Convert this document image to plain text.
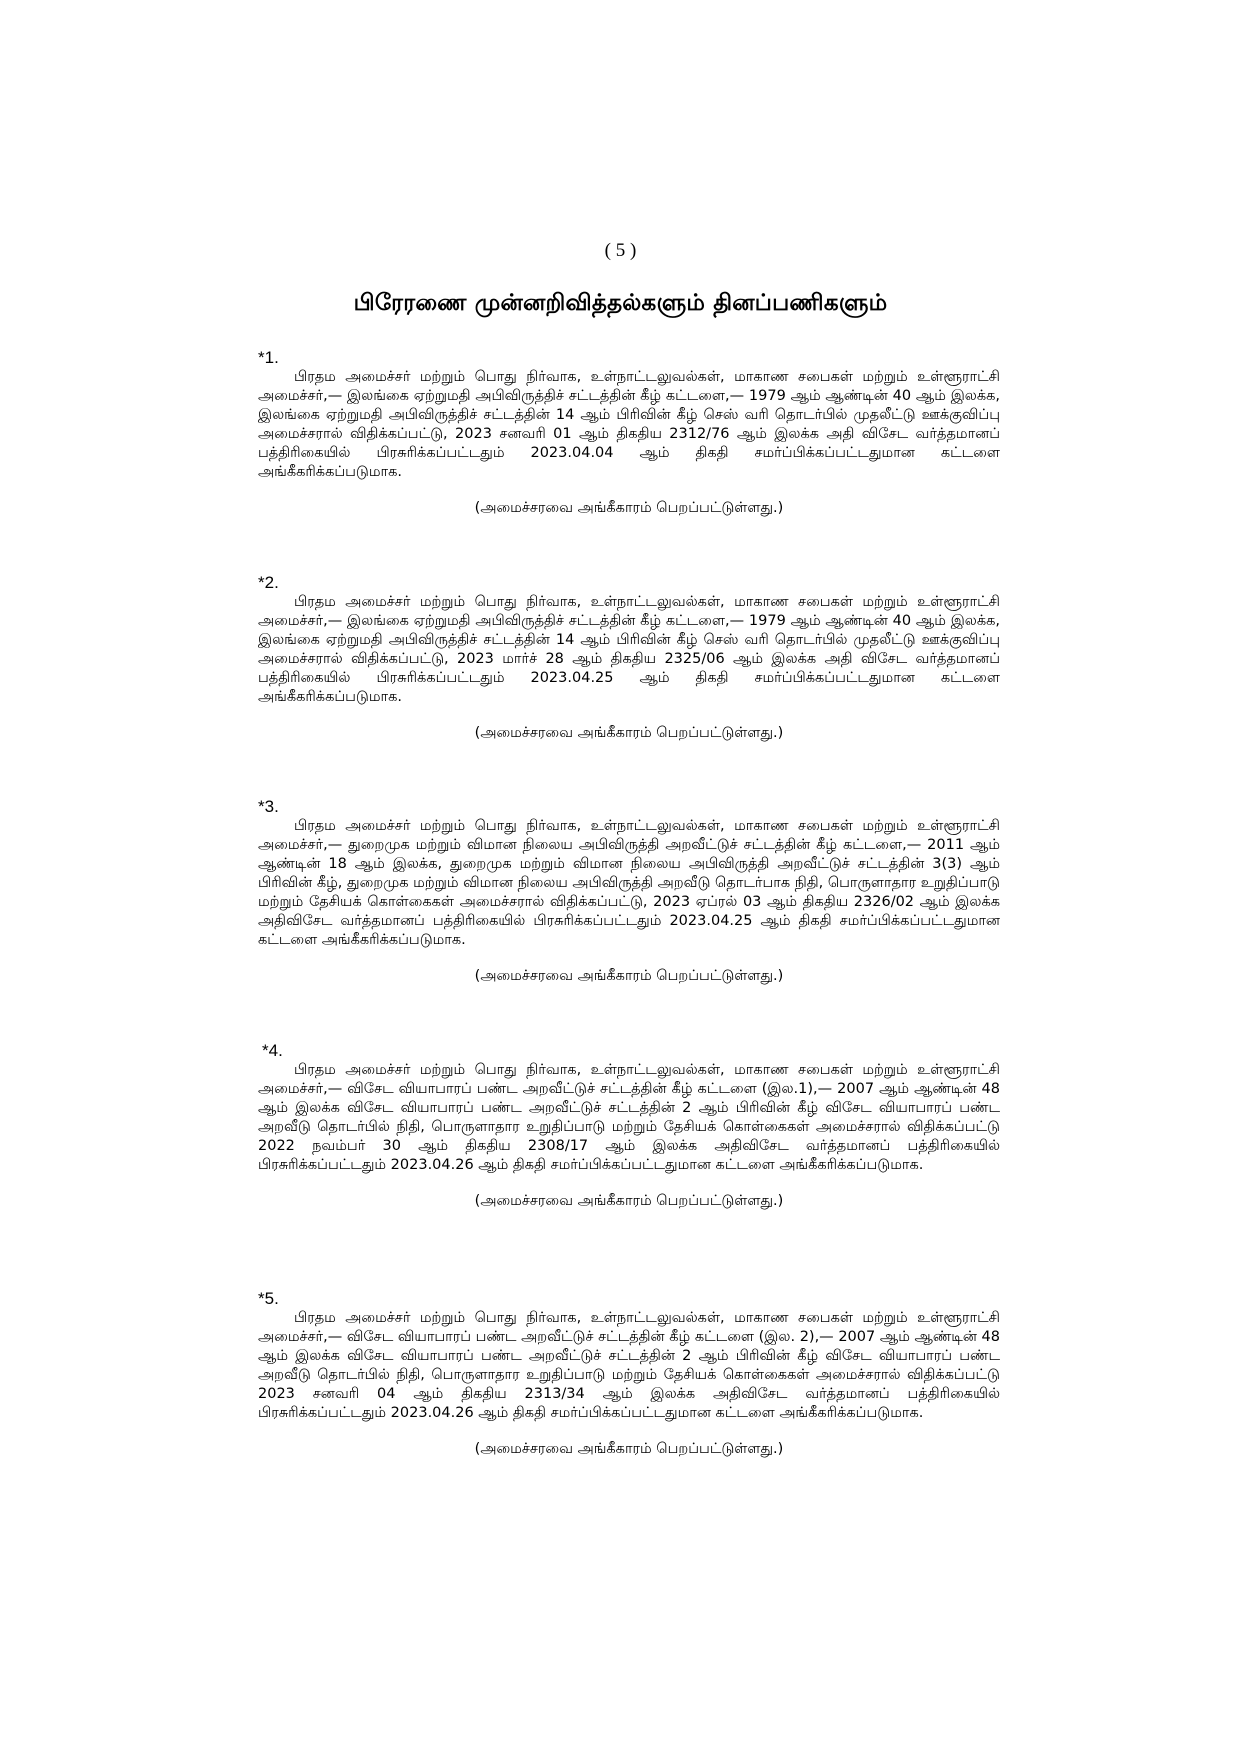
( 5 )
பிரேரணை முன்னறிவித்தல்களும் தினப்பணிகளும்
*1.

பிரதம அமைச்சர் மற்றும் பொது நிர்வாக, உள்நாட்டலுவல்கள், மாகாண சபைகள் மற்றும் உள்ளூராட்சி அமைச்சர்,— இலங்கை ஏற்றுமதி அபிவிருத்திச் சட்டத்தின் கீழ் கட்டளை,— 1979 ஆம் ஆண்டின் 40 ஆம் இலக்க, இலங்கை ஏற்றுமதி அபிவிருத்திச் சட்டத்தின் 14 ஆம் பிரிவின் கீழ் செஸ் வரி தொடர்பில் முதலீட்டு ஊக்குவிப்பு அமைச்சரால் விதிக்கப்பட்டு, 2023 சனவரி 01 ஆம் திகதிய 2312/76 ஆம் இலக்க அதி விசேட வர்த்தமானப் பத்திரிகையில் பிரசுரிக்கப்பட்டதும் 2023.04.04 ஆம் திகதி சமர்ப்பிக்கப்பட்டதுமான கட்டளை அங்கீகரிக்கப்படுமாக.

(அமைச்சரவை அங்கீகாரம் பெறப்பட்டுள்ளது.)
*2.

பிரதம அமைச்சர் மற்றும் பொது நிர்வாக, உள்நாட்டலுவல்கள், மாகாண சபைகள் மற்றும் உள்ளூராட்சி அமைச்சர்,— இலங்கை ஏற்றுமதி அபிவிருத்திச் சட்டத்தின் கீழ் கட்டளை,— 1979 ஆம் ஆண்டின் 40 ஆம் இலக்க, இலங்கை ஏற்றுமதி அபிவிருத்திச் சட்டத்தின் 14 ஆம் பிரிவின் கீழ் செஸ் வரி தொடர்பில் முதலீட்டு ஊக்குவிப்பு அமைச்சரால் விதிக்கப்பட்டு, 2023 மார்ச் 28 ஆம் திகதிய 2325/06 ஆம் இலக்க அதி விசேட வர்த்தமானப் பத்திரிகையில் பிரசுரிக்கப்பட்டதும் 2023.04.25 ஆம் திகதி சமர்ப்பிக்கப்பட்டதுமான கட்டளை அங்கீகரிக்கப்படுமாக.

(அமைச்சரவை அங்கீகாரம் பெறப்பட்டுள்ளது.)
*3.

பிரதம அமைச்சர் மற்றும் பொது நிர்வாக, உள்நாட்டலுவல்கள், மாகாண சபைகள் மற்றும் உள்ளூராட்சி அமைச்சர்,— துறைமுக மற்றும் விமான நிலைய அபிவிருத்தி அறவீட்டுச் சட்டத்தின் கீழ் கட்டளை,— 2011 ஆம் ஆண்டின் 18 ஆம் இலக்க, துறைமுக மற்றும் விமான நிலைய அபிவிருத்தி அறவீட்டுச் சட்டத்தின் 3(3) ஆம் பிரிவின் கீழ், துறைமுக மற்றும் விமான நிலைய அபிவிருத்தி அறவீடு தொடர்பாக நிதி, பொருளாதார உறுதிப்பாடு மற்றும் தேசியக் கொள்கைகள் அமைச்சரால் விதிக்கப்பட்டு, 2023 ஏப்ரல் 03 ஆம் திகதிய 2326/02 ஆம் இலக்க அதிவிசேட வர்த்தமானப் பத்திரிகையில் பிரசுரிக்கப்பட்டதும் 2023.04.25 ஆம் திகதி சமர்ப்பிக்கப்பட்டதுமான கட்டளை அங்கீகரிக்கப்படுமாக.

(அமைச்சரவை அங்கீகாரம் பெறப்பட்டுள்ளது.)
*4.

பிரதம அமைச்சர் மற்றும் பொது நிர்வாக, உள்நாட்டலுவல்கள், மாகாண சபைகள் மற்றும் உள்ளூராட்சி அமைச்சர்,— விசேட வியாபாரப் பண்ட அறவீட்டுச் சட்டத்தின் கீழ் கட்டளை (இல.1),— 2007 ஆம் ஆண்டின் 48 ஆம் இலக்க விசேட வியாபாரப் பண்ட அறவீட்டுச் சட்டத்தின் 2 ஆம் பிரிவின் கீழ் விசேட வியாபாரப் பண்ட அறவீடு தொடர்பில் நிதி, பொருளாதார உறுதிப்பாடு மற்றும் தேசியக் கொள்கைகள் அமைச்சரால் விதிக்கப்பட்டு 2022 நவம்பர் 30 ஆம் திகதிய 2308/17 ஆம் இலக்க அதிவிசேட வர்த்தமானப் பத்திரிகையில் பிரசுரிக்கப்பட்டதும் 2023.04.26 ஆம் திகதி சமர்ப்பிக்கப்பட்டதுமான கட்டளை அங்கீகரிக்கப்படுமாக.

(அமைச்சரவை அங்கீகாரம் பெறப்பட்டுள்ளது.)
*5.

பிரதம அமைச்சர் மற்றும் பொது நிர்வாக, உள்நாட்டலுவல்கள், மாகாண சபைகள் மற்றும் உள்ளூராட்சி அமைச்சர்,— விசேட வியாபாரப் பண்ட அறவீட்டுச் சட்டத்தின் கீழ் கட்டளை (இல. 2),— 2007 ஆம் ஆண்டின் 48 ஆம் இலக்க விசேட வியாபாரப் பண்ட அறவீட்டுச் சட்டத்தின் 2 ஆம் பிரிவின் கீழ் விசேட வியாபாரப் பண்ட அறவீடு தொடர்பில் நிதி, பொருளாதார உறுதிப்பாடு மற்றும் தேசியக் கொள்கைகள் அமைச்சரால் விதிக்கப்பட்டு 2023 சனவரி 04 ஆம் திகதிய 2313/34 ஆம் இலக்க அதிவிசேட வர்த்தமானப் பத்திரிகையில் பிரசுரிக்கப்பட்டதும் 2023.04.26 ஆம் திகதி சமர்ப்பிக்கப்பட்டதுமான கட்டளை அங்கீகரிக்கப்படுமாக.

(அமைச்சரவை அங்கீகாரம் பெறப்பட்டுள்ளது.)
